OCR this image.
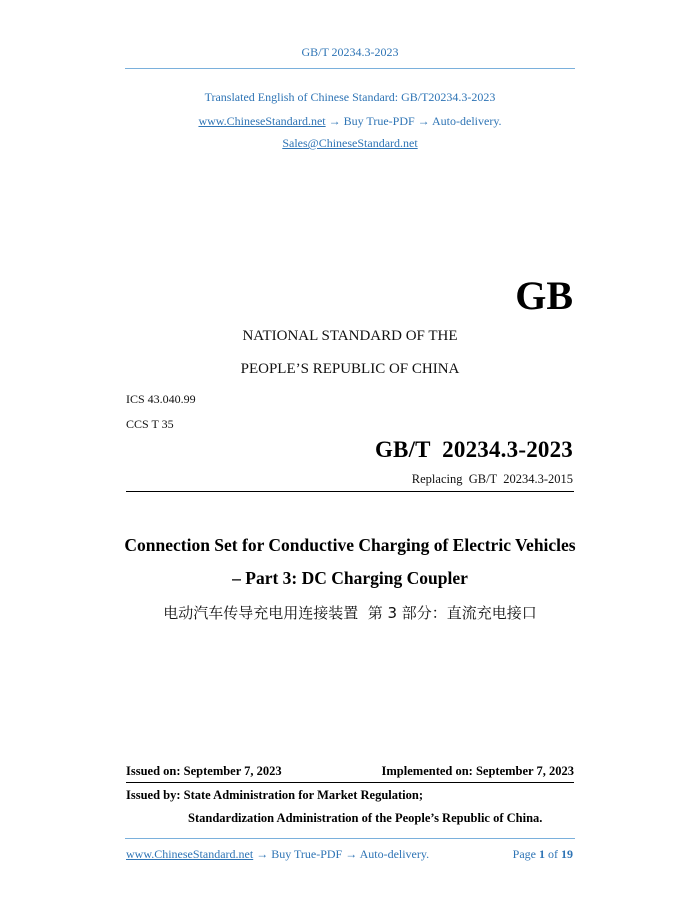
GB/T 20234.3-2023
Translated English of Chinese Standard: GB/T20234.3-2023
www.ChineseStandard.net → Buy True-PDF → Auto-delivery.
Sales@ChineseStandard.net
GB
NATIONAL STANDARD OF THE
PEOPLE’S REPUBLIC OF CHINA
ICS 43.040.99
CCS T 35
GB/T  20234.3-2023
Replacing  GB/T  20234.3-2015
Connection Set for Conductive Charging of Electric Vehicles
– Part 3: DC Charging Coupler
电动汽车传导充电用连接装置  第 3 部分：直流充电接口
Issued on: September 7, 2023	Implemented on: September 7, 2023
Issued by: State Administration for Market Regulation;
Standardization Administration of the People’s Republic of China.
www.ChineseStandard.net → Buy True-PDF → Auto-delivery.	Page 1 of 19
